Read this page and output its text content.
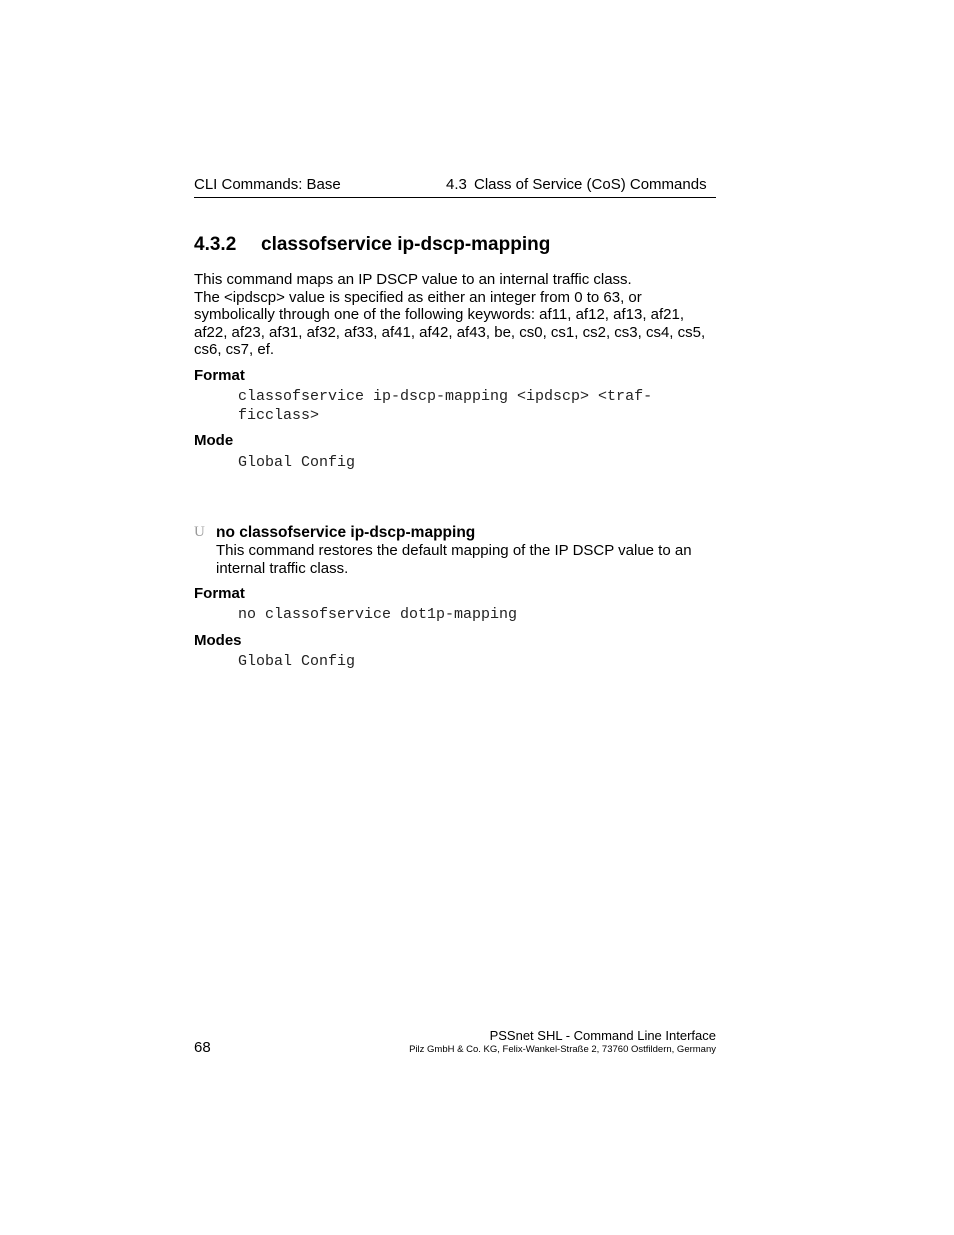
CLI Commands: Base	4.3 Class of Service (CoS) Commands
4.3.2 classofservice ip-dscp-mapping
This command maps an IP DSCP value to an internal traffic class.
The <ipdscp> value is specified as either an integer from 0 to 63, or
symbolically through one of the following keywords: af11, af12, af13, af21,
af22, af23, af31, af32, af33, af41, af42, af43, be, cs0, cs1, cs2, cs3, cs4, cs5,
cs6, cs7, ef.
Format
classofservice ip-dscp-mapping <ipdscp> <traf-
ficclass>
Mode
Global Config
U no classofservice ip-dscp-mapping
This command restores the default mapping of the IP DSCP value to an
internal traffic class.
Format
no classofservice dot1p-mapping
Modes
Global Config
68
PSSnet SHL - Command Line Interface
Pilz GmbH & Co. KG, Felix-Wankel-Straße 2, 73760 Ostfildern, Germany
